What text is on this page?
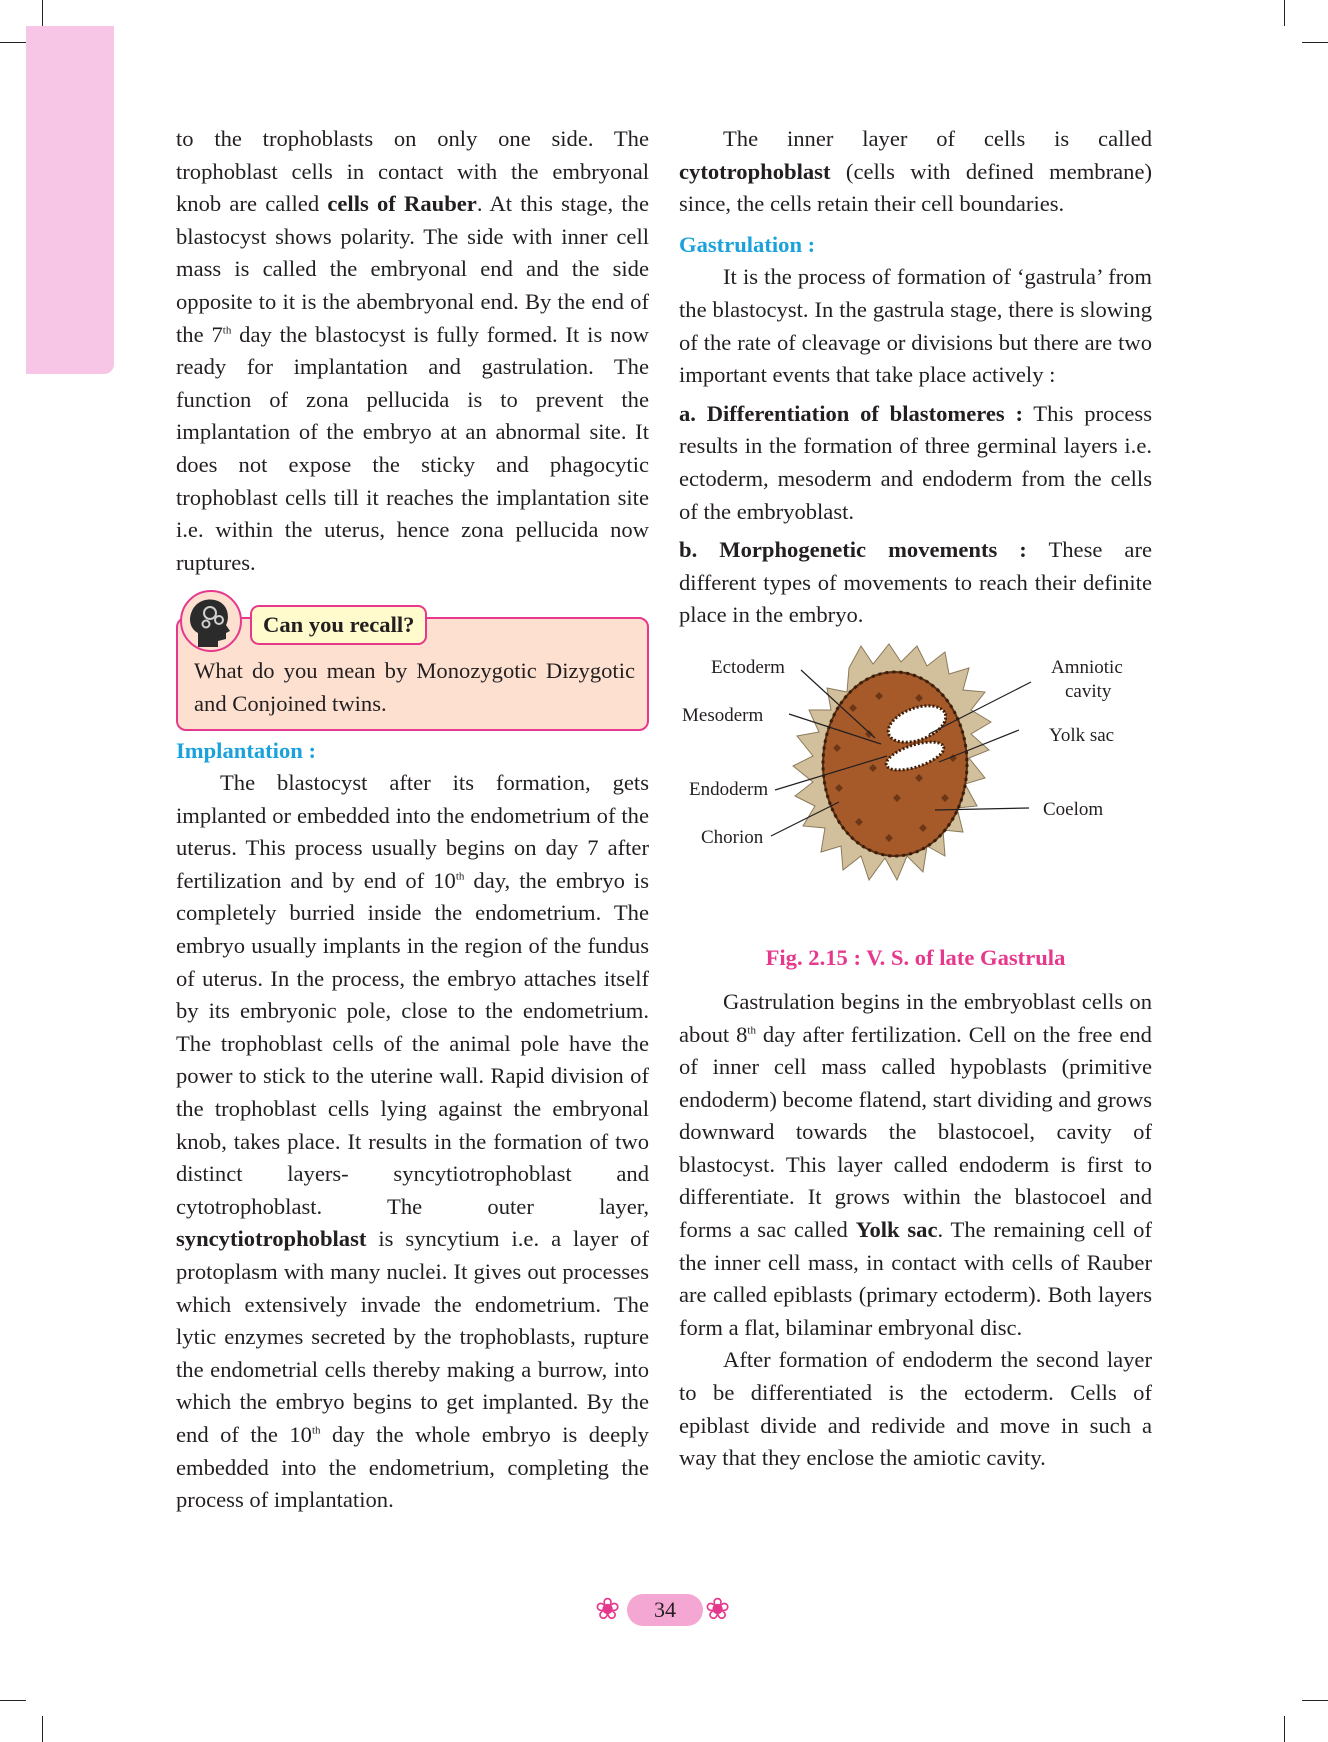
to the trophoblasts on only one side. The trophoblast cells in contact with the embryonal knob are called cells of Rauber. At this stage, the blastocyst shows polarity. The side with inner cell mass is called the embryonal end and the side opposite to it is the abembryonal end. By the end of the 7th day the blastocyst is fully formed. It is now ready for implantation and gastrulation. The function of zona pellucida is to prevent the implantation of the embryo at an abnormal site. It does not expose the sticky and phagocytic trophoblast cells till it reaches the implantation site i.e. within the uterus, hence zona pellucida now ruptures.

Can you recall?

What do you mean by Monozygotic Dizygotic and Conjoined twins.

Implantation :

The blastocyst after its formation, gets implanted or embedded into the endometrium of the uterus. This process usually begins on day 7 after fertilization and by end of 10th day, the embryo is completely burried inside the endometrium. The embryo usually implants in the region of the fundus of uterus. In the process, the embryo attaches itself by its embryonic pole, close to the endometrium. The trophoblast cells of the animal pole have the power to stick to the uterine wall. Rapid division of the trophoblast cells lying against the embryonal knob, takes place. It results in the formation of two distinct layers- syncytiotrophoblast and cytotrophoblast. The outer layer, syncytiotrophoblast is syncytium i.e. a layer of protoplasm with many nuclei. It gives out processes which extensively invade the endometrium. The lytic enzymes secreted by the trophoblasts, rupture the endometrial cells thereby making a burrow, into which the embryo begins to get implanted. By the end of the 10th day the whole embryo is deeply embedded into the endometrium, completing the process of implantation.

The inner layer of cells is called cytotrophoblast (cells with defined membrane) since, the cells retain their cell boundaries.

Gastrulation :

It is the process of formation of ‘gastrula’ from the blastocyst. In the gastrula stage, there is slowing of the rate of cleavage or divisions but there are two important events that take place actively :

a. Differentiation of blastomeres : This process results in the formation of three germinal layers i.e. ectoderm, mesoderm and endoderm from the cells of the embryoblast.

b. Morphogenetic movements : These are different types of movements to reach their definite place in the embryo.

Ectoderm
Mesoderm
Endoderm
Chorion
Amniotic
cavity
Yolk sac
Coelom
Fig. 2.15 : V. S. of late Gastrula

Gastrulation begins in the embryoblast cells on about 8th day after fertilization. Cell on the free end of inner cell mass called hypoblasts (primitive endoderm) become flatend, start dividing and grows downward towards the blastocoel, cavity of blastocyst. This layer called endoderm is first to differentiate. It grows within the blastocoel and forms a sac called Yolk sac. The remaining cell of the inner cell mass, in contact with cells of Rauber are called epiblasts (primary ectoderm). Both layers form a flat, bilaminar embryonal disc.

After formation of endoderm the second layer to be differentiated is the ectoderm. Cells of epiblast divide and redivide and move in such a way that they enclose the amiotic cavity.

❀	34 ❀
